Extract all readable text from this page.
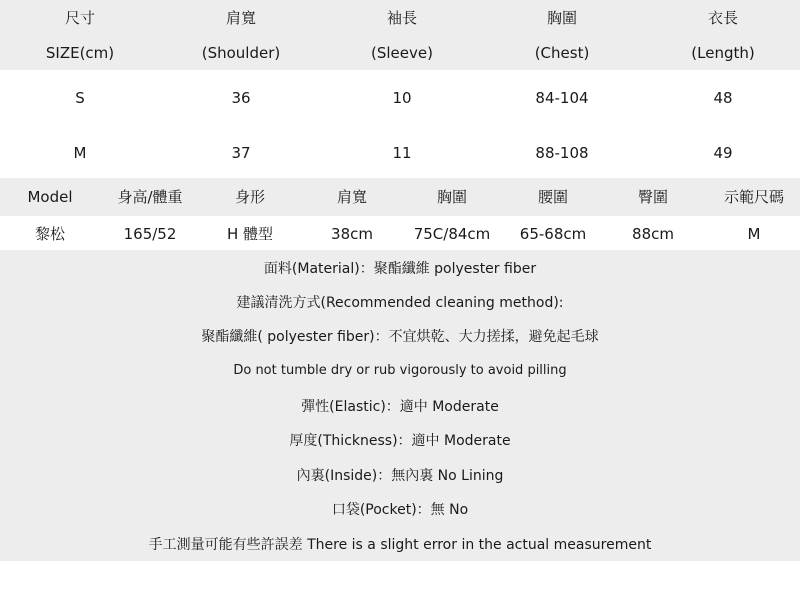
尺寸	肩寬	袖長	胸圍	衣長
SIZE(cm)	(Shoulder)	(Sleeve)	(Chest)	(Length)
S	36	10	84-104	48
M	37	11	88-108	49
Model	身高/體重	身形	肩寬	胸圍	腰圍	臀圍	示範尺碼
黎松	165/52	H 體型	38cm	75C/84cm 65-68cm	88cm	M
面料(Material)：聚酯纖維 polyester fiber
建議清洗方式(Recommended cleaning method):
聚酯纖維( polyester fiber)：不宜烘乾、大力搓揉，避免起毛球
Do not tumble dry or rub vigorously to avoid pilling
彈性(Elastic)：適中 Moderate
厚度(Thickness)：適中 Moderate
內裏(Inside)：無內裏 No Lining
口袋(Pocket)：無 No
手工測量可能有些許誤差 There is a slight error in the actual measurement
